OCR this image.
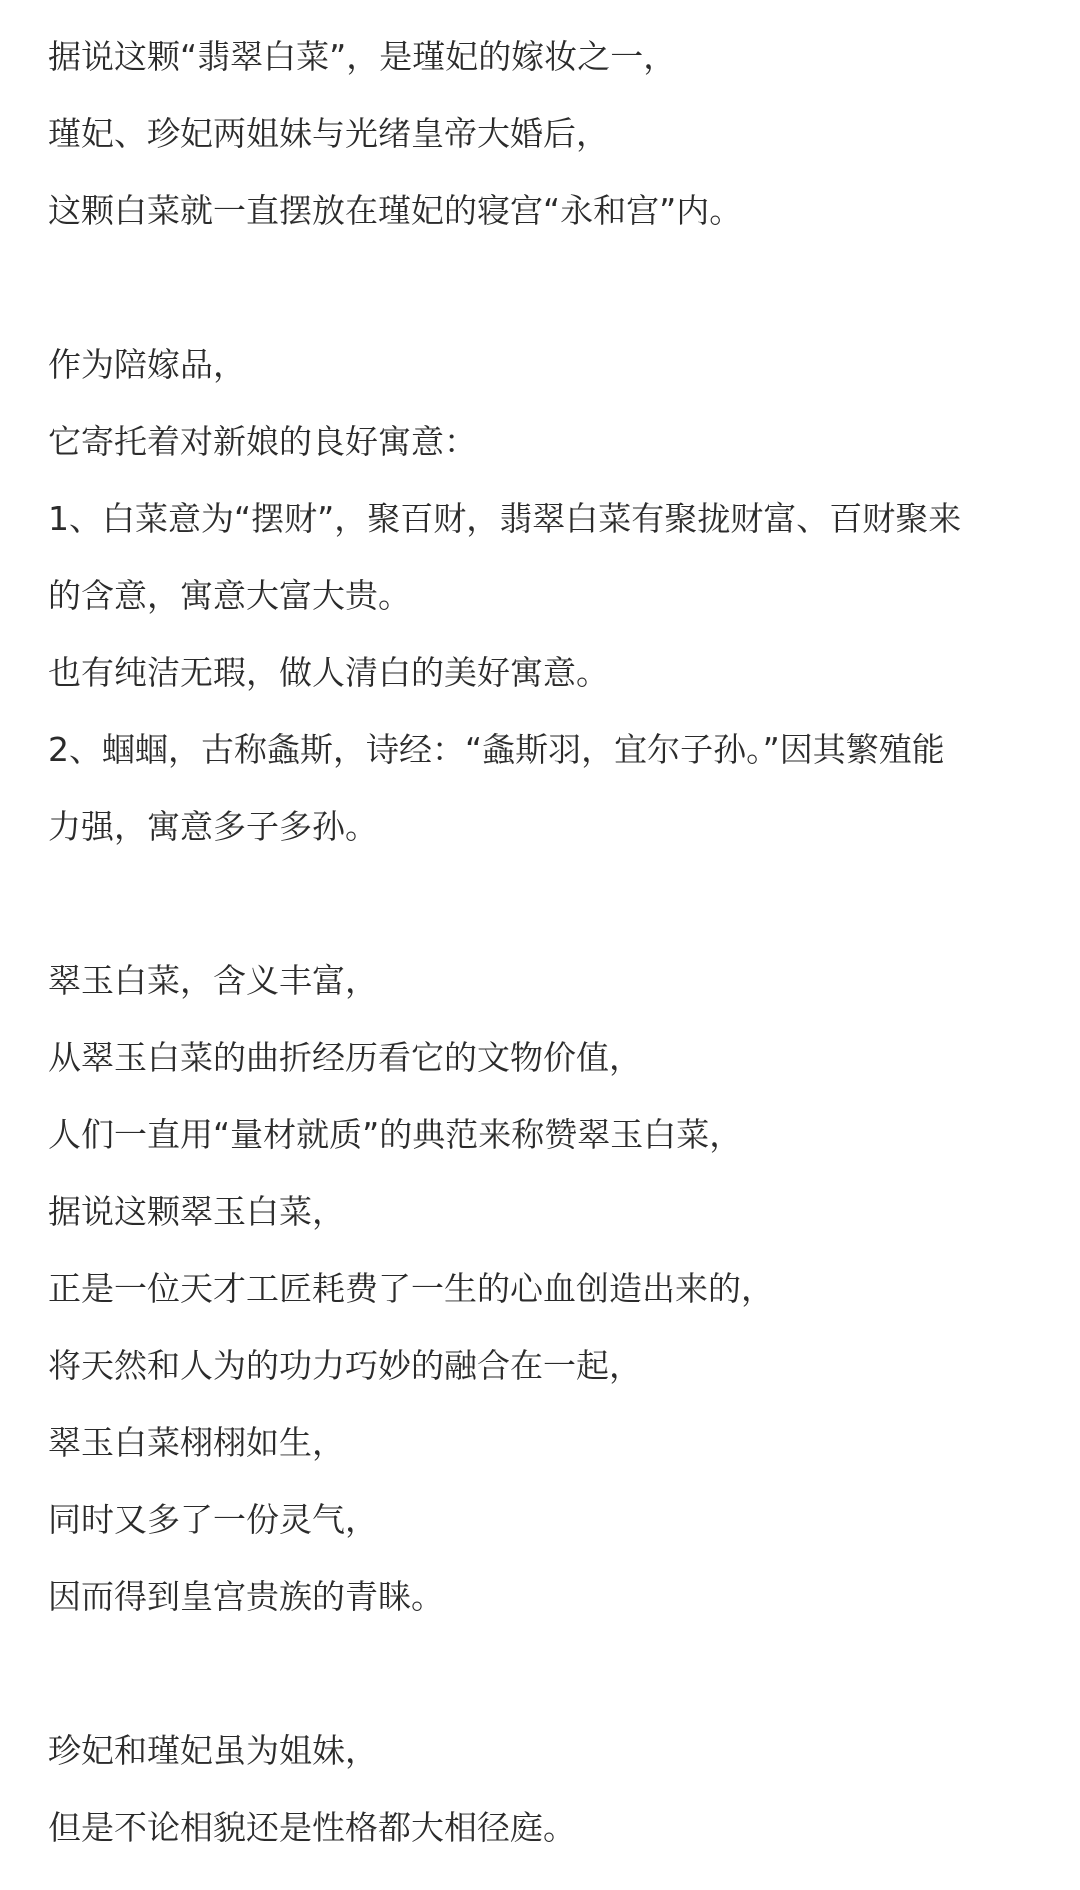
据说这颗“翡翠白菜”，是瑾妃的嫁妆之一，
瑾妃、珍妃两姐妹与光绪皇帝大婚后，
这颗白菜就一直摆放在瑾妃的寝宫“永和宫”内。
作为陪嫁品，
它寄托着对新娘的良好寓意：
1、白菜意为“摆财”，聚百财，翡翠白菜有聚拢财富、百财聚来
的含意，寓意大富大贵。
也有纯洁无瑕，做人清白的美好寓意。
2、蝈蝈，古称螽斯，诗经：“螽斯羽，宜尔子孙。”因其繁殖能
力强，寓意多子多孙。
翠玉白菜，含义丰富，
从翠玉白菜的曲折经历看它的文物价值，
人们一直用“量材就质”的典范来称赞翠玉白菜，
据说这颗翠玉白菜，
正是一位天才工匠耗费了一生的心血创造出来的，
将天然和人为的功力巧妙的融合在一起，
翠玉白菜栩栩如生，
同时又多了一份灵气，
因而得到皇宫贵族的青睐。
珍妃和瑾妃虽为姐妹，
但是不论相貌还是性格都大相径庭。
